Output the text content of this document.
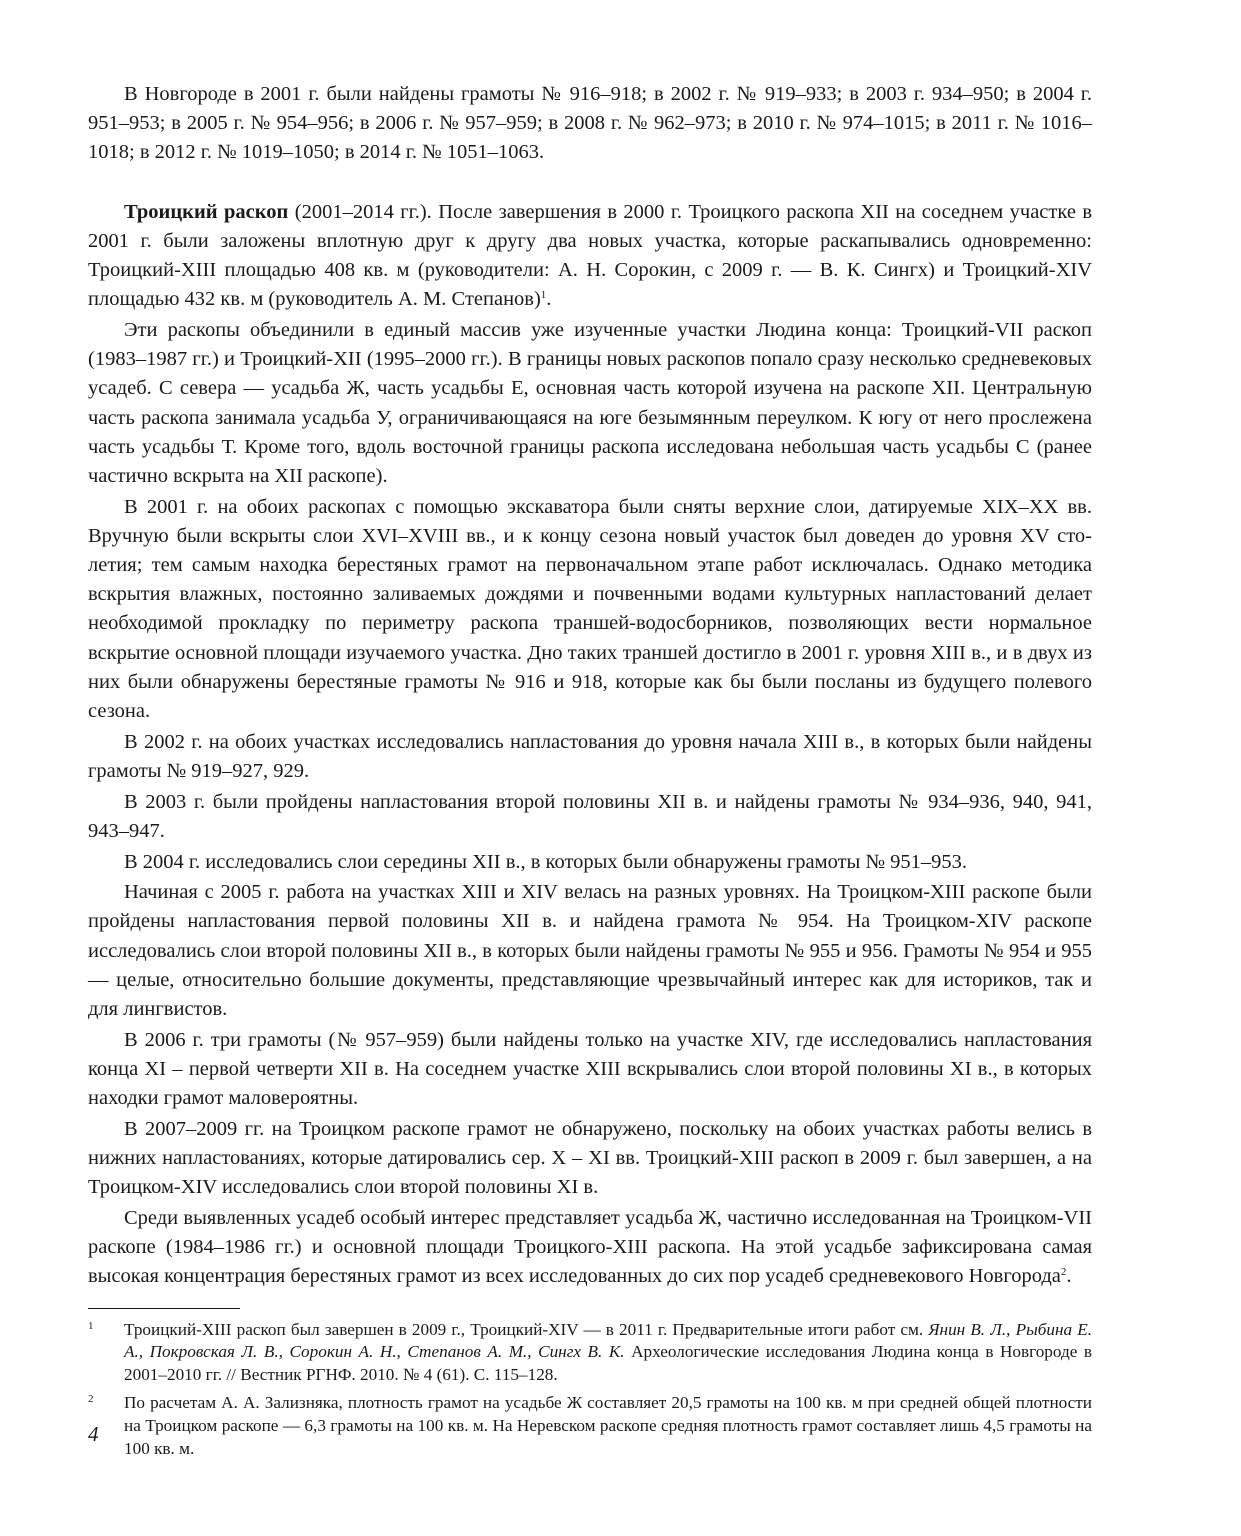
В Новгороде в 2001 г. были найдены грамоты № 916–918; в 2002 г. № 919–933; в 2003 г. 934–950; в 2004 г. 951–953; в 2005 г. № 954–956; в 2006 г. № 957–959; в 2008 г. № 962–973; в 2010 г. № 974–1015; в 2011 г. № 1016–1018; в 2012 г. № 1019–1050; в 2014 г. № 1051–1063.

Троицкий раскоп (2001–2014 гг.). После завершения в 2000 г. Троицкого раскопа XII на соседнем участке в 2001 г. были заложены вплотную друг к другу два новых участка, которые раскапывались одновременно: Троицкий-XIII площадью 408 кв. м (руководители: А. Н. Сорокин, с 2009 г. — В. К. Сингх) и Троицкий-XIV площадью 432 кв. м (руководитель А. М. Степанов)$^1$.

Эти раскопы объединили в единый массив уже изученные участки Людина конца: Троицкий-VII раскоп (1983–1987 гг.) и Троицкий-XII (1995–2000 гг.). В границы новых раскопов попало сразу несколько средневековых усадеб. С севера — усадьба Ж, часть усадьбы Е, основная часть которой изучена на раскопе XII. Центральную часть раскопа занимала усадьба У, ограничивающаяся на юге безымянным переулком. К югу от него прослежена часть усадьбы Т. Кроме того, вдоль восточной границы раскопа исследована небольшая часть усадьбы С (ранее частично вскрыта на XII раскопе).

В 2001 г. на обоих раскопах с помощью экскаватора были сняты верхние слои, датируемые XIX–XX вв. Вручную были вскрыты слои XVI–XVIII вв., и к концу сезона новый участок был доведен до уровня XV столетия; тем самым находка берестяных грамот на первоначальном этапе работ исключалась. Однако методика вскрытия влажных, постоянно заливаемых дождями и почвенными водами культурных напластований делает необходимой прокладку по периметру раскопа траншей-водосборников, позволяющих вести нормальное вскрытие основной площади изучаемого участка. Дно таких траншей достигло в 2001 г. уровня XIII в., и в двух из них были обнаружены берестяные грамоты № 916 и 918, которые как бы были посланы из будущего полевого сезона.

В 2002 г. на обоих участках исследовались напластования до уровня начала XIII в., в которых были найдены грамоты № 919–927, 929.

В 2003 г. были пройдены напластования второй половины XII в. и найдены грамоты № 934–936, 940, 941, 943–947.

В 2004 г. исследовались слои середины XII в., в которых были обнаружены грамоты № 951–953.

Начиная с 2005 г. работа на участках XIII и XIV велась на разных уровнях. На Троицком-XIII раскопе были пройдены напластования первой половины XII в. и найдена грамота № 954. На Троицком-XIV раскопе исследовались слои второй половины XII в., в которых были найдены грамоты № 955 и 956. Грамоты № 954 и 955 — целые, относительно большие документы, представляющие чрезвычайный интерес как для историков, так и для лингвистов.

В 2006 г. три грамоты (№ 957–959) были найдены только на участке XIV, где исследовались напластования конца XI – первой четверти XII в. На соседнем участке XIII вскрывались слои второй половины XI в., в которых находки грамот маловероятны.

В 2007–2009 гг. на Троицком раскопе грамот не обнаружено, поскольку на обоих участках работы велись в нижних напластованиях, которые датировались сер. X – XI вв. Троицкий-XIII раскоп в 2009 г. был завершен, а на Троицком-XIV исследовались слои второй половины XI в.

Среди выявленных усадеб особый интерес представляет усадьба Ж, частично исследованная на Троицком-VII раскопе (1984–1986 гг.) и основной площади Троицкого-XIII раскопа. На этой усадьбе зафиксирована самая высокая концентрация берестяных грамот из всех исследованных до сих пор усадеб средневекового Новгорода$^2$.

1 Троицкий-XIII раскоп был завершен в 2009 г., Троицкий-XIV — в 2011 г. Предварительные итоги работ см. Янин В. Л., Рыбина Е. А., Покровская Л. В., Сорокин А. Н., Степанов А. М., Сингх В. К. Археологические исследования Людина конца в Новгороде в 2001–2010 гг. // Вестник РГНФ. 2010. № 4 (61). С. 115–128.
2 По расчетам А. А. Зализняка, плотность грамот на усадьбе Ж составляет 20,5 грамоты на 100 кв. м при средней общей плотности на Троицком раскопе — 6,3 грамоты на 100 кв. м. На Неревском раскопе средняя плотность грамот составляет лишь 4,5 грамоты на 100 кв. м.
4
